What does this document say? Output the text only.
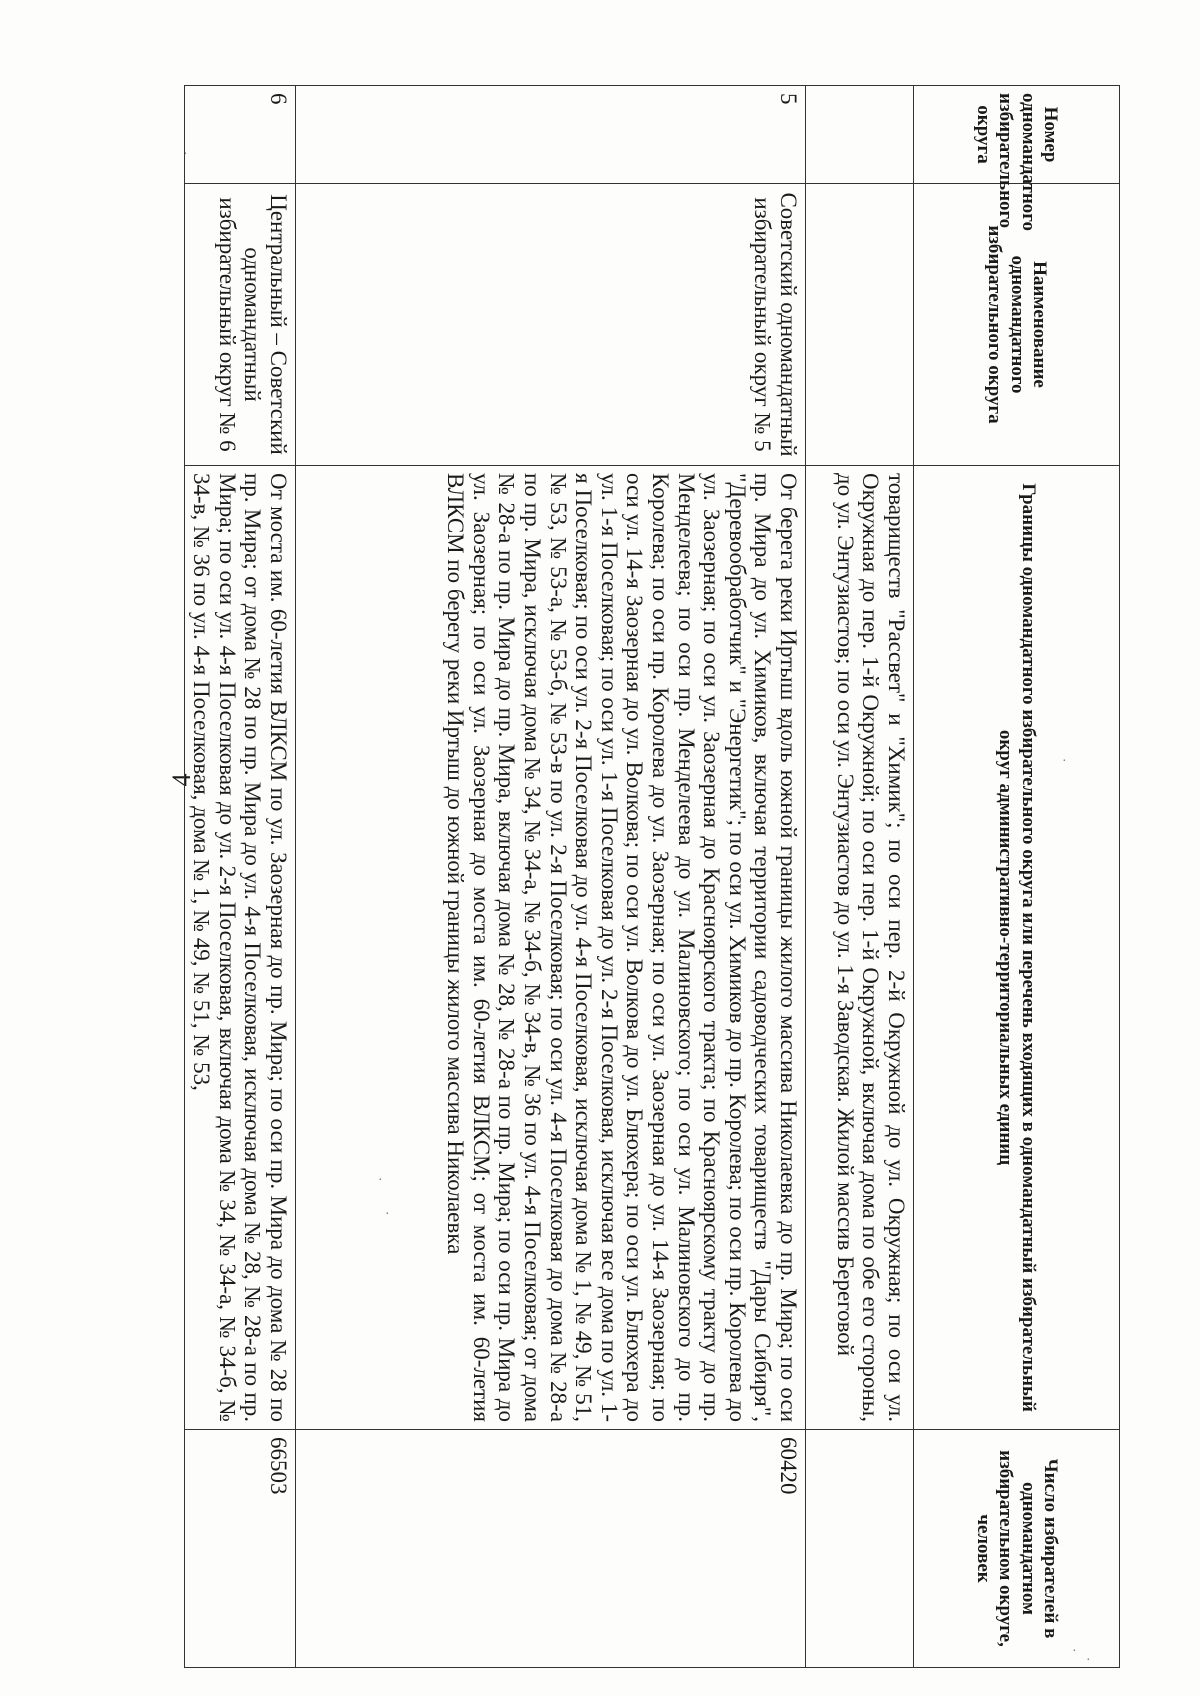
4
·
·
·
·
·
·
Номер одномандатного избирательного округа	Наименование одномандатного избирательного округа	Границы одномандатного избирательного округа или перечень входящих в одномандатный избирательный округ административно-территориальных единиц	Число избирателей в одномандатном избирательном округе, человек
		товариществ "Рассвет" и "Химик"; по оси пер. 2-й Окружной до ул. Окружная; по оси ул. Окружная до пер. 1-й Окружной; по оси пер. 1-й Окружной, включая дома по обе его стороны, до ул. Энтузиастов; по оси ул. Энтузиастов до ул. 1-я Заводская. Жилой массив Береговой	
5	Советский одномандатный избирательный округ № 5	От берега реки Иртыш вдоль южной границы жилого массива Николаевка до пр. Мира; по оси пр. Мира до ул. Химиков, включая территории садоводческих товариществ "Дары Сибиря", "Деревообработчик" и "Энергетик"; по оси ул. Химиков до пр. Королева; по оси пр. Королева до ул. Заозерная; по оси ул. Заозерная до Красноярского тракта; по Красноярскому тракту до пр. Менделеева; по оси пр. Менделеева до ул. Малиновского; по оси ул. Малиновского до пр. Королева; по оси пр. Королева до ул. Заозерная; по оси ул. Заозерная до ул. 14-я Заозерная; по оси ул. 14-я Заозерная до ул. Волкова; по оси ул. Волкова до ул. Блюхера; по оси ул. Блюхера до ул. 1-я Поселковая; по оси ул. 1-я Поселковая до ул. 2-я Поселковая, исключая все дома по ул. 1-я Поселковая; по оси ул. 2-я Поселковая до ул. 4-я Поселковая, исключая дома № 1, № 49, № 51, № 53, № 53-а, № 53-б, № 53-в по ул. 2-я Поселковая; по оси ул. 4-я Поселковая до дома № 28-а по пр. Мира, исключая дома № 34, № 34-а, № 34-б, № 34-в, № 36 по ул. 4-я Поселковая; от дома № 28-а по пр. Мира до пр. Мира, включая дома № 28, № 28-а по пр. Мира; по оси пр. Мира до ул. Заозерная; по оси ул. Заозерная до моста им. 60-летия ВЛКСМ; от моста им. 60-летия ВЛКСМ по берегу реки Иртыш до южной границы жилого массива Николаевка	60420
6	Центральный – Советский одномандатный избирательный округ № 6	От моста им. 60-летия ВЛКСМ по ул. Заозерная до пр. Мира; по оси пр. Мира до дома № 28 по пр. Мира; от дома № 28 по пр. Мира до ул. 4-я Поселковая, исключая дома № 28, № 28-а по пр. Мира; по оси ул. 4-я Поселковая до ул. 2-я Поселковая, включая дома № 34, № 34-а, № 34-б, № 34-в, № 36 по ул. 4-я Поселковая, дома № 1, № 49, № 51, № 53,	66503
